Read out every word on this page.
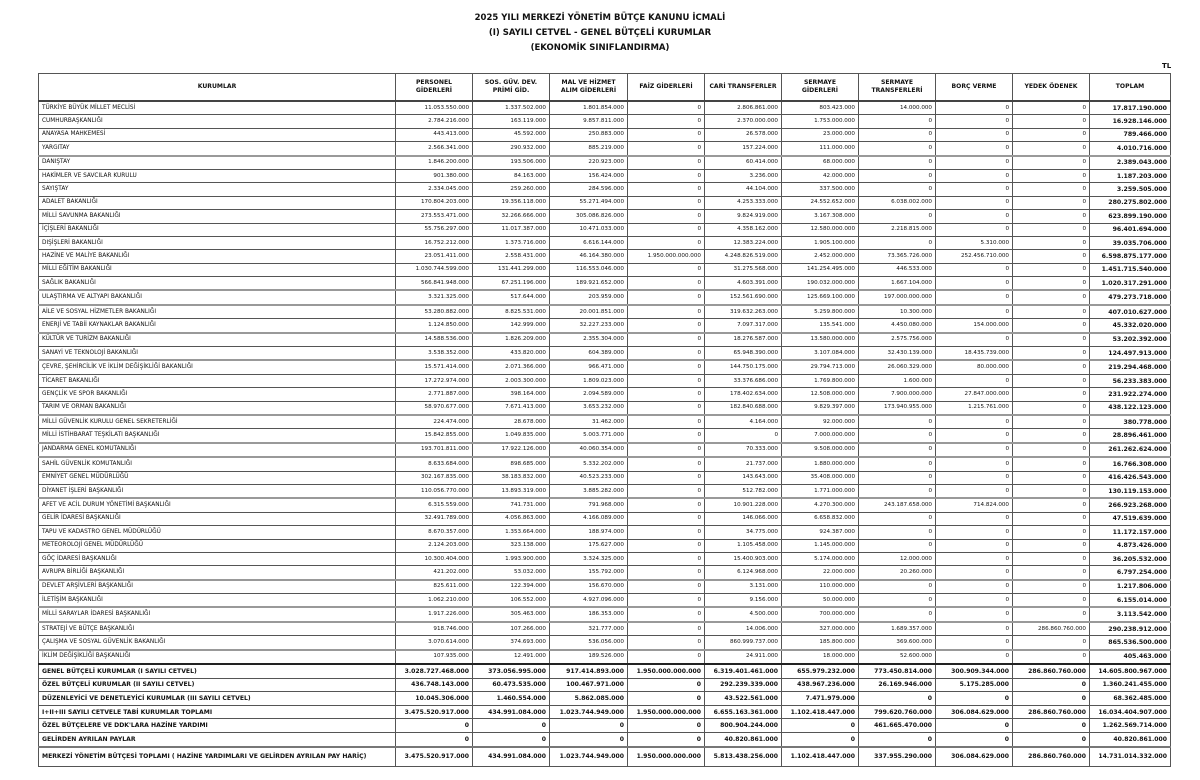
2025 YILI MERKEZİ YÖNETİM BÜTÇE KANUNU İCMALİ
(I) SAYILI CETVEL - GENEL BÜTÇELİ KURUMLAR
(EKONOMİK SINIFLANDIRMA)
TL
KURUMLAR	PERSONEL GİDERLERİ	SOS. GÜV. DEV. PRİMİ GİD.	MAL VE HİZMET ALIM GİDERLERİ	FAİZ GİDERLERİ	CARİ TRANSFERLER	SERMAYE GİDERLERİ	SERMAYE TRANSFERLERİ	BORÇ VERME	YEDEK ÖDENEK	TOPLAM
TÜRKİYE BÜYÜK MİLLET MECLİSİ	11.053.550.000	1.337.502.000	1.801.854.000	0	2.806.861.000	803.423.000	14.000.000	0	0	17.817.190.000
CUMHURBAŞKANLIĞI	2.784.216.000	163.119.000	9.857.811.000	0	2.370.000.000	1.753.000.000	0	0	0	16.928.146.000
ANAYASA MAHKEMESİ	443.413.000	45.592.000	250.883.000	0	26.578.000	23.000.000	0	0	0	789.466.000
YARGITAY	2.566.341.000	290.932.000	885.219.000	0	157.224.000	111.000.000	0	0	0	4.010.716.000
DANIŞTAY	1.846.200.000	193.506.000	220.923.000	0	60.414.000	68.000.000	0	0	0	2.389.043.000
HAKİMLER VE SAVCILAR KURULU	901.380.000	84.163.000	156.424.000	0	3.236.000	42.000.000	0	0	0	1.187.203.000
SAYIŞTAY	2.334.045.000	259.260.000	284.596.000	0	44.104.000	337.500.000	0	0	0	3.259.505.000
ADALET BAKANLIĞI	170.804.203.000	19.356.118.000	55.271.494.000	0	4.253.333.000	24.552.652.000	6.038.002.000	0	0	280.275.802.000
MİLLİ SAVUNMA BAKANLIĞI	273.553.471.000	32.266.666.000	305.086.826.000	0	9.824.919.000	3.167.308.000	0	0	0	623.899.190.000
İÇİŞLERİ BAKANLIĞI	55.756.297.000	11.017.387.000	10.471.033.000	0	4.358.162.000	12.580.000.000	2.218.815.000	0	0	96.401.694.000
DIŞİŞLERİ BAKANLIĞI	16.752.212.000	1.373.716.000	6.616.144.000	0	12.383.224.000	1.905.100.000	0	5.310.000	0	39.035.706.000
HAZİNE VE MALİYE BAKANLIĞI	23.051.411.000	2.558.431.000	46.164.380.000	1.950.000.000.000	4.248.826.519.000	2.452.000.000	73.365.726.000	252.456.710.000	0	6.598.875.177.000
MİLLİ EĞİTİM BAKANLIĞI	1.030.744.599.000	131.441.299.000	116.553.046.000	0	31.275.568.000	141.254.495.000	446.533.000	0	0	1.451.715.540.000
SAĞLIK BAKANLIĞI	566.841.948.000	67.251.196.000	189.921.652.000	0	4.603.391.000	190.032.000.000	1.667.104.000	0	0	1.020.317.291.000
ULAŞTIRMA VE ALTYAPI BAKANLIĞI	3.321.325.000	517.644.000	203.959.000	0	152.561.690.000	125.669.100.000	197.000.000.000	0	0	479.273.718.000
AİLE VE SOSYAL HİZMETLER BAKANLIĞI	53.280.882.000	8.825.531.000	20.001.851.000	0	319.632.263.000	5.259.800.000	10.300.000	0	0	407.010.627.000
ENERJİ VE TABİİ KAYNAKLAR BAKANLIĞI	1.124.850.000	142.999.000	32.227.233.000	0	7.097.317.000	135.541.000	4.450.080.000	154.000.000	0	45.332.020.000
KÜLTÜR VE TURİZM BAKANLIĞI	14.588.536.000	1.826.209.000	2.355.304.000	0	18.276.587.000	13.580.000.000	2.575.756.000	0	0	53.202.392.000
SANAYİ VE TEKNOLOJİ BAKANLIĞI	3.538.352.000	433.820.000	604.389.000	0	65.948.390.000	3.107.084.000	32.430.139.000	18.435.739.000	0	124.497.913.000
ÇEVRE, ŞEHİRCİLİK VE İKLİM DEĞİŞİKLİĞİ BAKANLIĞI	15.571.414.000	2.071.366.000	966.471.000	0	144.750.175.000	29.794.713.000	26.060.329.000	80.000.000	0	219.294.468.000
TİCARET BAKANLIĞI	17.272.974.000	2.003.300.000	1.809.023.000	0	33.376.686.000	1.769.800.000	1.600.000	0	0	56.233.383.000
GENÇLİK VE SPOR BAKANLIĞI	2.771.887.000	398.164.000	2.094.589.000	0	178.402.634.000	12.508.000.000	7.900.000.000	27.847.000.000	0	231.922.274.000
TARIM VE ORMAN BAKANLIĞI	58.970.677.000	7.671.413.000	3.653.232.000	0	182.840.688.000	9.829.397.000	173.940.955.000	1.215.761.000	0	438.122.123.000
MİLLİ GÜVENLİK KURULU GENEL SEKRETERLİĞİ	224.474.000	28.678.000	31.462.000	0	4.164.000	92.000.000	0	0	0	380.778.000
MİLLİ İSTİHBARAT TEŞKİLATI BAŞKANLIĞI	15.842.855.000	1.049.835.000	5.003.771.000	0	0	7.000.000.000	0	0	0	28.896.461.000
JANDARMA GENEL KOMUTANLIĞI	193.701.811.000	17.922.126.000	40.060.354.000	0	70.333.000	9.508.000.000	0	0	0	261.262.624.000
SAHİL GÜVENLİK KOMUTANLIĞI	8.633.684.000	898.685.000	5.332.202.000	0	21.737.000	1.880.000.000	0	0	0	16.766.308.000
EMNİYET GENEL MÜDÜRLÜĞÜ	302.167.835.000	38.183.832.000	40.523.233.000	0	143.643.000	35.408.000.000	0	0	0	416.426.543.000
DİYANET İŞLERİ BAŞKANLIĞI	110.056.770.000	13.893.319.000	3.885.282.000	0	512.782.000	1.771.000.000	0	0	0	130.119.153.000
AFET VE ACİL DURUM YÖNETİMİ BAŞKANLIĞI	6.315.559.000	741.731.000	791.968.000	0	10.901.228.000	4.270.300.000	243.187.658.000	714.824.000	0	266.923.268.000
GELİR İDARESİ BAŞKANLIĞI	32.491.789.000	4.056.863.000	4.166.089.000	0	146.066.000	6.658.832.000	0	0	0	47.519.639.000
TAPU VE KADASTRO GENEL MÜDÜRLÜĞÜ	8.670.357.000	1.353.664.000	188.974.000	0	34.775.000	924.387.000	0	0	0	11.172.157.000
METEOROLOJİ GENEL MÜDÜRLÜĞÜ	2.124.203.000	323.138.000	175.627.000	0	1.105.458.000	1.145.000.000	0	0	0	4.873.426.000
GÖÇ İDARESİ BAŞKANLIĞI	10.300.404.000	1.993.900.000	3.324.325.000	0	15.400.903.000	5.174.000.000	12.000.000	0	0	36.205.532.000
AVRUPA BİRLİĞİ BAŞKANLIĞI	421.202.000	53.032.000	155.792.000	0	6.124.968.000	22.000.000	20.260.000	0	0	6.797.254.000
DEVLET ARŞİVLERİ BAŞKANLIĞI	825.611.000	122.394.000	156.670.000	0	3.131.000	110.000.000	0	0	0	1.217.806.000
İLETİŞİM BAŞKANLIĞI	1.062.210.000	106.552.000	4.927.096.000	0	9.156.000	50.000.000	0	0	0	6.155.014.000
MİLLİ SARAYLAR İDARESİ BAŞKANLIĞI	1.917.226.000	305.463.000	186.353.000	0	4.500.000	700.000.000	0	0	0	3.113.542.000
STRATEJİ VE BÜTÇE BAŞKANLIĞI	918.746.000	107.266.000	321.777.000	0	14.006.000	327.000.000	1.689.357.000	0	286.860.760.000	290.238.912.000
ÇALIŞMA VE SOSYAL GÜVENLİK BAKANLIĞI	3.070.614.000	374.693.000	536.056.000	0	860.999.737.000	185.800.000	369.600.000	0	0	865.536.500.000
İKLİM DEĞİŞİKLİĞİ BAŞKANLIĞI	107.935.000	12.491.000	189.526.000	0	24.911.000	18.000.000	52.600.000	0	0	405.463.000
GENEL BÜTÇELİ KURUMLAR (I SAYILI CETVEL)	3.028.727.468.000	373.056.995.000	917.414.893.000	1.950.000.000.000	6.319.401.461.000	655.979.232.000	773.450.814.000	300.909.344.000	286.860.760.000	14.605.800.967.000
ÖZEL BÜTÇELİ KURUMLAR (II SAYILI CETVEL)	436.748.143.000	60.473.535.000	100.467.971.000	0	292.239.339.000	438.967.236.000	26.169.946.000	5.175.285.000	0	1.360.241.455.000
DÜZENLEYİCİ VE DENETLEYİCİ KURUMLAR (III SAYILI CETVEL)	10.045.306.000	1.460.554.000	5.862.085.000	0	43.522.561.000	7.471.979.000	0	0	0	68.362.485.000
I+II+III SAYILI CETVELE TABİ KURUMLAR TOPLAMI	3.475.520.917.000	434.991.084.000	1.023.744.949.000	1.950.000.000.000	6.655.163.361.000	1.102.418.447.000	799.620.760.000	306.084.629.000	286.860.760.000	16.034.404.907.000
ÖZEL BÜTÇELERE VE DDK'LARA HAZİNE YARDIMI	0	0	0	0	800.904.244.000	0	461.665.470.000	0	0	1.262.569.714.000
GELİRDEN AYRILAN PAYLAR	0	0	0	0	40.820.861.000	0	0	0	0	40.820.861.000
MERKEZİ YÖNETİM BÜTÇESİ TOPLAMI ( HAZİNE YARDIMLARI VE GELİRDEN AYRILAN PAY HARİÇ)	3.475.520.917.000	434.991.084.000	1.023.744.949.000	1.950.000.000.000	5.813.438.256.000	1.102.418.447.000	337.955.290.000	306.084.629.000	286.860.760.000	14.731.014.332.000
